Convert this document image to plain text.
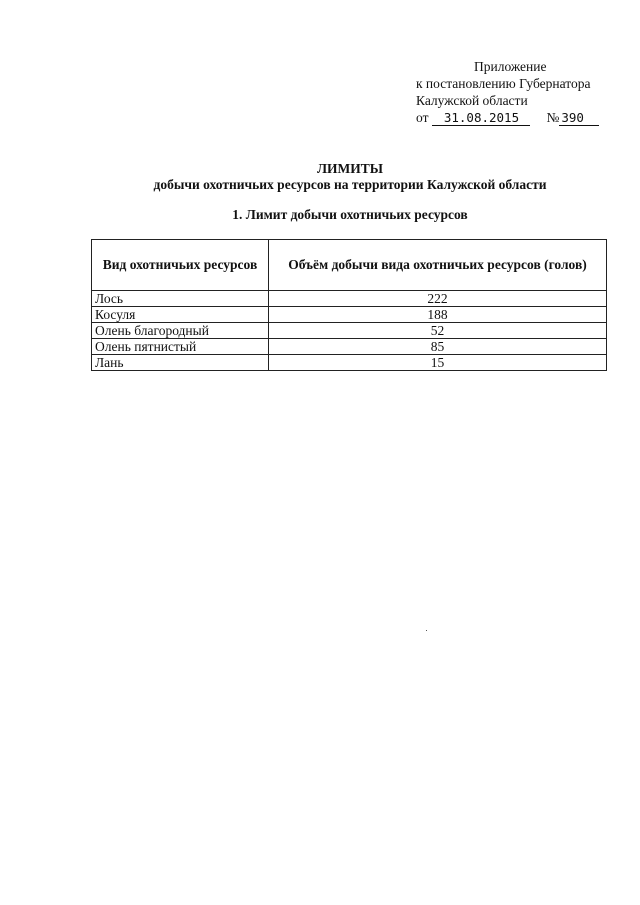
Приложение
к постановлению Губернатора
Калужской области
от 31.08.2015 № 390
ЛИМИТЫ
добычи охотничьих ресурсов на территории Калужской области
1. Лимит добычи охотничьих ресурсов
Вид охотничьих ресурсов	Объём добычи вида охотничьих ресурсов (голов)
Лось	222
Косуля	188
Олень благородный	52
Олень пятнистый	85
Лань	15
